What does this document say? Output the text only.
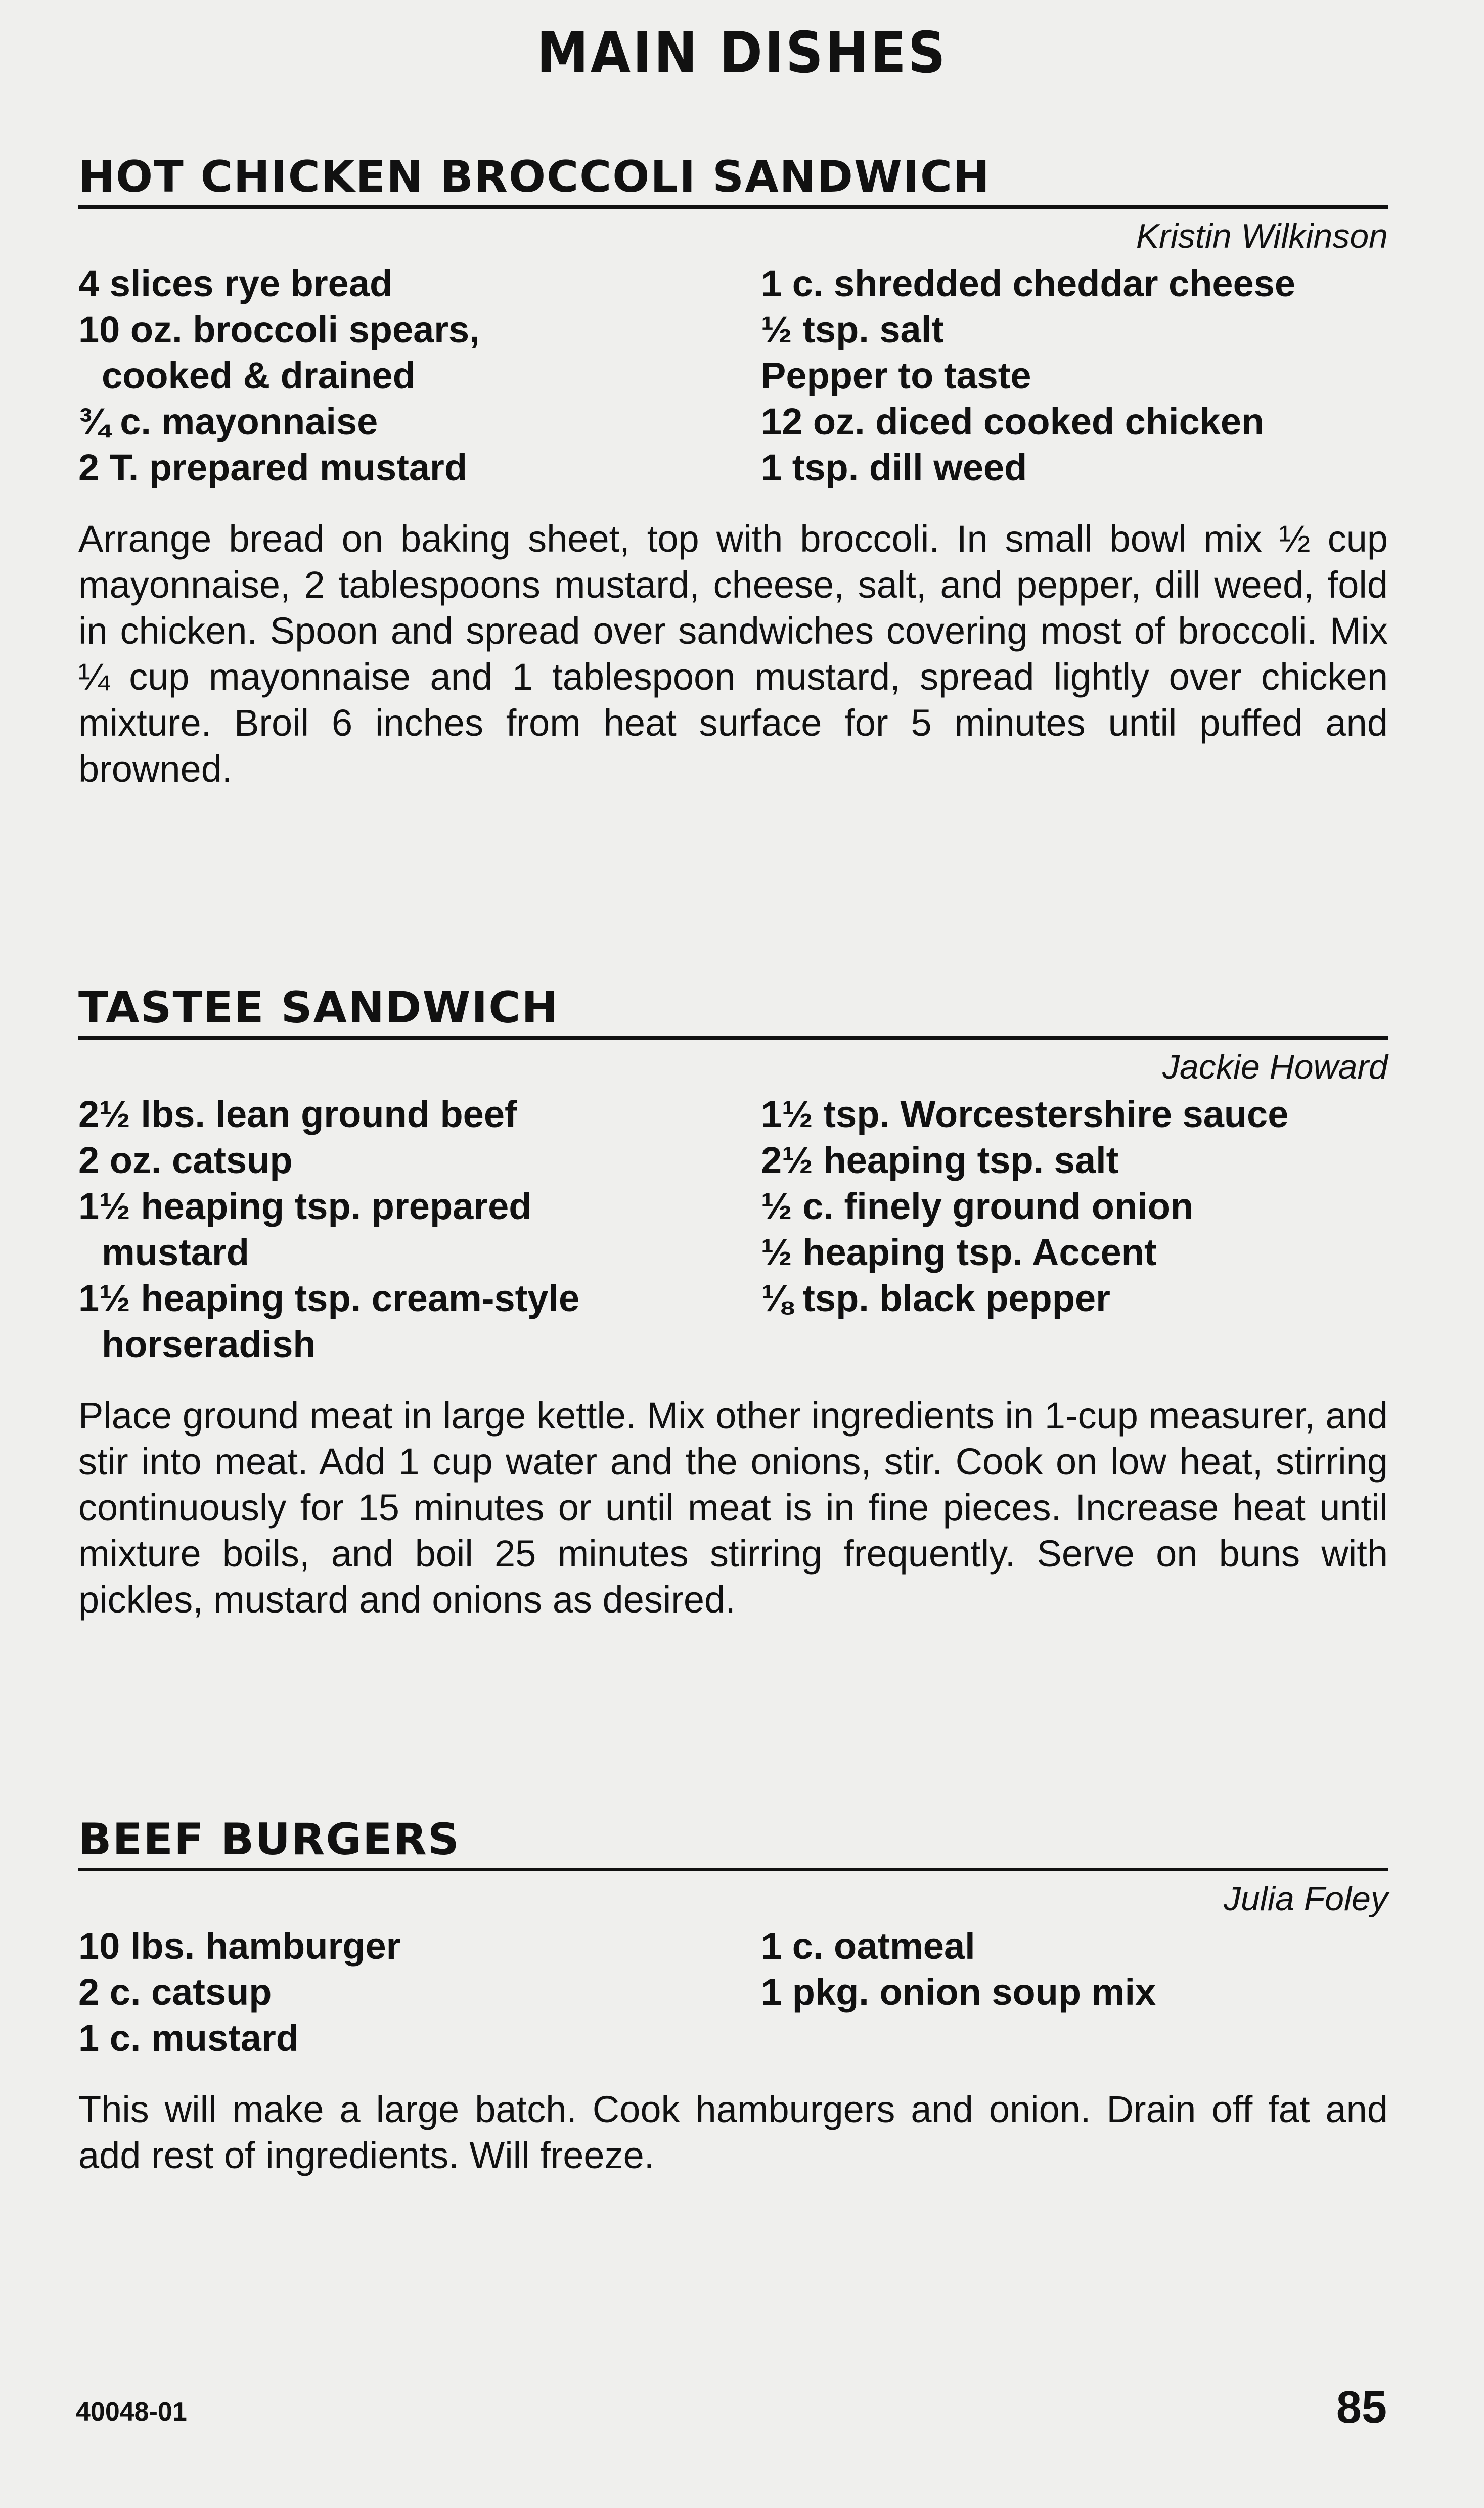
MAIN DISHES
HOT CHICKEN BROCCOLI SANDWICH
Kristin Wilkinson
4 slices rye bread
10 oz. broccoli spears,
cooked & drained
¾ c. mayonnaise
2 T. prepared mustard
1 c. shredded cheddar cheese
½ tsp. salt
Pepper to taste
12 oz. diced cooked chicken
1 tsp. dill weed
Arrange bread on baking sheet, top with broccoli. In small bowl mix ½ cup mayonnaise, 2 tablespoons mustard, cheese, salt, and pepper, dill weed, fold in chicken. Spoon and spread over sandwiches covering most of broccoli. Mix ¼ cup mayonnaise and 1 tablespoon mustard, spread lightly over chicken mixture. Broil 6 inches from heat surface for 5 minutes until puffed and browned.
TASTEE SANDWICH
Jackie Howard
2½ lbs. lean ground beef
2 oz. catsup
1½ heaping tsp. prepared
mustard
1½ heaping tsp. cream-style
horseradish
1½ tsp. Worcestershire sauce
2½ heaping tsp. salt
½ c. finely ground onion
½ heaping tsp. Accent
⅛ tsp. black pepper
Place ground meat in large kettle. Mix other ingredients in 1-cup measurer, and stir into meat. Add 1 cup water and the onions, stir. Cook on low heat, stirring continuously for 15 minutes or until meat is in fine pieces. Increase heat until mixture boils, and boil 25 minutes stirring frequently. Serve on buns with pickles, mustard and onions as desired.
BEEF BURGERS
Julia Foley
10 lbs. hamburger
2 c. catsup
1 c. mustard
1 c. oatmeal
1 pkg. onion soup mix
This will make a large batch. Cook hamburgers and onion. Drain off fat and add rest of ingredients. Will freeze.
40048-01	85
